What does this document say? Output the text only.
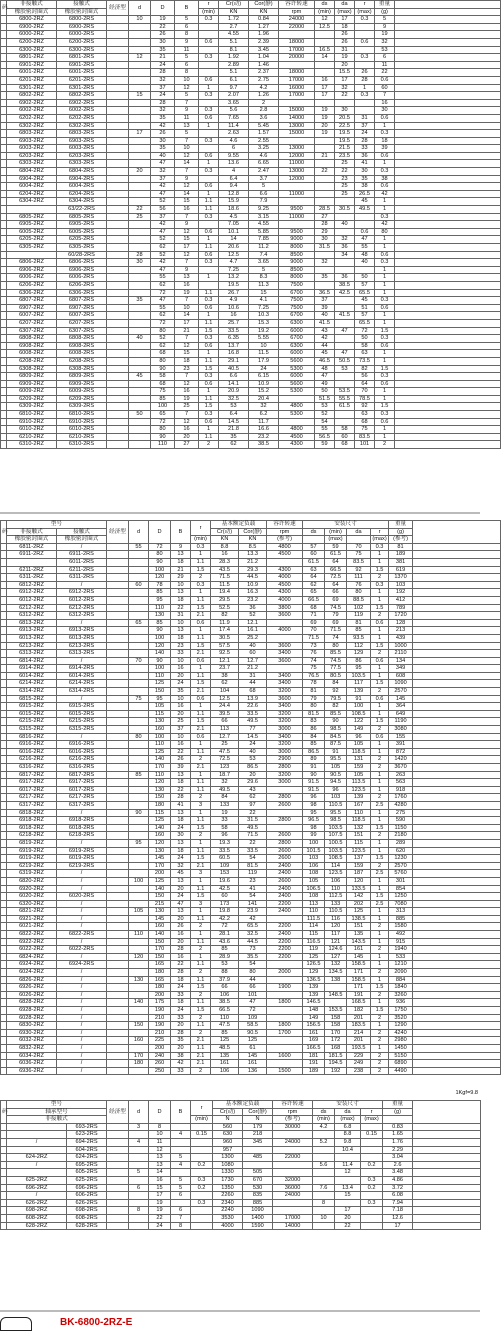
码	非接触式	接触式	经济型	d	D	B	r	Cr(动)	Cor(静)	容许转速	ds	da	r	重量	
	橡胶密封圈式	橡胶密封圈式					(min)	KN	KN	rpm	(min)	(max)	(max)	(g)	
	6800-2RZ	6800-2RS		10	19	5	0.3	1.72	0.84	24000	12	17	0.3	5	
	6900-2RZ	6900-2RS			22	6		2.7	1.27	22000	12.5	18		9	
	6000-2RZ	6000-2RS			26	8		4.55	1.96			26		19	
	6200-2RZ	6200-2RS			30	9	0.6	5.1	2.39	18000		26	0.6	32	
	6300-2RZ	6300-2RS			35	11		8.1	3.45	17000	16.5	31		53	
	6801-2RZ	6801-2RS		12	21	5	0.3	1.92	1.04	20000	14	19	0.3	6	
	6901-2RZ	6901-2RS			24	6		2.89	1.46			20		11	
	6001-2RZ	6001-2RS			28	8		5.1	2.37	18000		15.5	26	22	
	6201-2RZ	6201-2RS			32	10	0.6	6.1	2.75	17000	16	17	28	0.6	
	6301-2RZ	6301-2RS			37	12	1	9.7	4.2	16000	17	32	1	60	
	6802-2RZ	6802-2RS		15	24	5	0.3	2.07	1.26	17000	17	22	0.3	7	
	6902-2RZ	6902-2RS			28	7		3.65	2					16	
	6002-2RZ	6002-2RS			32	9	0.3	5.6	2.8	15000	19	30		30	
	6202-2RZ	6202-2RS			35	11	0.6	7.65	3.6	14000	19	20.5	31	0.6	
	6302-2RZ	6302-2RS			42	13	1	11.4	5.45	13000	20	22.5	37	1	
	6803-2RZ	6803-2RS		17	26	5		2.63	1.57	15000	19	19.5	24	0.3	
	6903-2RZ	6903-2RS			30	7	0.3	4.6	2.55			19.5	28	18	
	6003-2RZ	6003-2RS			35	10		6	3.25	13000		21.5	33	39	
	6203-2RZ	6203-2RS			40	12	0.6	9.55	4.6	12000	21	23.5	36	0.6	
	6303-2RZ	6303-2RS			47	14	1	13.6	6.65	11000		25	41	1	
	6804-2RZ	6804-2RS		20	32	7	0.3	4	2.47	13000	22	22	30	0.3	
	6904-2RZ	6904-2RS			37	9		6.4	3.7	12000		23	35	38	
	6004-2RZ	6004-2RS			42	12	0.6	9.4	5			25	38	0.6	
	6204-2RZ	6204-2RS			47	14	1	12.8	6.6	11000		25	26.5	42	
	6304-2RZ	6304-2RS			52	15	1.1	15.9	7.9				45	1	
		63/22-2RS		22	56	16	1.1	18.6	9.25	9500	28.5	30.5	49.5	1	
	6805-2RZ	6805-2RS		25	37	7	0.3	4.5	3.15	11000	27			0.3	
	6905-2RZ	6905-2RS			42	9		7.05	4.55		28	40		42	
	6005-2RZ	6005-2RS			47	12	0.6	10.1	5.85	9500	29		0.6	80	
	6205-2RZ	6205-2RS			52	15	1	14	7.85	9000	30	32	47	1	
	6305-2RZ	6305-2RS			62	17	1.1	20.6	11.2	8000	31.5	36	55	1	
		60/28-2RS		28	52	12	0.6	12.5	7.4	8500		34	48	0.6	
	6806-2RZ	6806-2RS		30	42	7	0.3	4.7	3.65	9000	32		40	0.3	
	6906-2RZ	6906-2RS			47	9		7.25	5	8500				1	
	6006-2RZ	6006-2RS			55	13	1	13.2	8.3	8000	35	36	50	1	
	6206-2RZ	6206-2RS			62	16		19.5	11.3	7500		38.5	57	1	
	6306-2RZ	6306-2RS			72	19	1.1	26.7	15	6700	36.5	42.5	65.5	1	
	6807-2RZ	6807-2RS		35	47	7	0.3	4.9	4.1	7500	37		45	0.3	
	6907-2RZ	6907-2RS			55	10	0.6	10.6	7.25	7500	39		51	0.6	
	6007-2RZ	6007-2RS			62	14	1	16	10.3	6700	40	41.5	57	1	
	6207-2RZ	6207-2RS			72	17	1.1	25.7	15.3	6300	41.5		65.5	1	
	6307-2RZ	6307-2RS			80	21	1.5	33.5	19.2	6000	43	47	72	1.5	
	6808-2RZ	6808-2RS		40	52	7	0.3	6.35	5.55	6700	42		50	0.3	
	6908-2RZ	6908-2RS			62	12	0.6	13.7	10	6300	44		58	0.6	
	6008-2RZ	6008-2RS			68	15	1	16.8	11.5	6000	45	47	63	1	
	6208-2RZ	6208-2RS			80	18	1.1	29.1	17.9	5600	46.5	50.5	73.5	1	
	6308-2RZ	6308-2RS			90	23	1.5	40.5	24	5300	48	53	82	1.5	
	6809-2RZ	6809-2RS		45	58	7	0.3	6.6	6.15	6000	47		56	0.3	
	6909-2RZ	6909-2RS			68	12	0.6	14.1	10.9	5600	49		64	0.6	
	6009-2RZ	6009-2RS			75	16	1	20.9	15.2	5300	50	53.5	70	1	
	6209-2RZ	6209-2RS			85	19	1.1	32.5	20.4		51.5	55.5	78.5	1	
	6309-2RZ	6309-2RS			100	25	1.5	53	32	4800	53	61.5	92	1.5	
	6810-2RZ	6810-2RS		50	65	7	0.3	6.4	6.2	5300	52		63	0.3	
	6910-2RZ	6910-2RS			72	12	0.6	14.5	11.7		54		68	0.6	
	6010-2RZ	6010-2RS			80	16	1	21.8	16.6	4800	55	58	75	1	
	6210-2RZ	6210-2RS			90	20	1.1	35	23.2	4500	56.5	60	83.5	1	
	6310-2RZ	6310-2RS			110	27	2	62	38.5	4300	59	68	101	2	
码	型号		经济型	d	D	B	r	基本额定负载		容许转速	安装尺寸				重量	
	非接触式	接触式						Cr(动)	Cor(静)	rpm	ds	(min)	da	r	(g)	
	橡胶密封圈式	橡胶密封圈式					(min)	KN	KN	(参考)		(max)		(max)	(参考)	
	6811-2RZ	/		55	72	9	0.3	8.8	8.5	4800	57	59	70	0.3	81	
	6911-2RZ	6911-2RS			80	13	1	16	13.3	4500	60	61.5	75	1	189	
		6011-2RS			90	18	1.1	28.3	21.2		61.5	64	83.5	1	381	
	6211-2RZ	6211-2RS			100	21	1.5	43.5	29.3	4300	63	66.5	92	1.5	619	
	6311-2RZ	6311-2RS			120	29	2	71.5	44.5	4000	64	72.5	111	2	1370	
	6812-2RZ	/		60	78	10	0.3	11.5	10.9	4500	62	64	76	0.3	103	
	6912-2RZ	6912-2RS			85	13	1	19.4	16.3	4300	65	66	80	1	192	
	6012-2RZ	6012-2RS			95	18	1.1	29.5	23.2	4000	66.5	69	88.5	1	412	
	6212-2RZ	6212-2RS			110	22	1.5	52.5	36	3800	68	74.5	102	1.5	789	
	6312-2RZ	6312-2RS			130	31	2.1	82	52	3600	71	79	119	2	1720	
	6813-2RZ	/		65	85	10	0.6	11.9	12.1		69	69	81	0.6	128	
	6913-2RZ	6913-2RS			90	13	1	17.4	16.1	4000	70	71.5	85	1	213	
	6013-2RZ	6013-2RS			100	18	1.1	30.5	25.2		71.5	74	93.5	1	439	
	6213-2RZ	6213-2RS			120	23	1.5	57.5	40	3600	73	80	112	1.5	1000	
	6313-2RZ	6313-2RS			140	33	2.1	92.5	60	3400	76	85.5	129	2	2110	
	6814-2RZ	/		70	90	10	0.6	12.1	12.7	3600	74	74.5	86	0.6	134	
	6914-2RZ	6914-2RS			100	16	1	23.7	21.2		75	77.5	95	1	349	
	6014-2RZ	6014-2RS			110	20	1.1	38	31	3400	76.5	80.5	103.5	1	608	
	6214-2RZ	6214-2RS			125	24	1.5	62	44	3400	78	84	117	1.5	1090	
	6314-2RZ	6314-2RS			150	35	2.1	104	68	3200	81	92	139	2	2570	
	6815-2RZ	/		75	95	10	0.6	12.5	13.9	3600	79	79.5	91	0.6	145	
	6915-2RZ	6915-2RS			105	16	1	24.4	22.6	3400	80	82	100	1	364	
	6015-2RZ	6015-2RS			115	20	1.1	39.5	33.5	3200	81.5	85.5	108.5	1	649	
	6215-2RZ	6215-2RS			130	25	1.5	66	49.5	3200	83	90	122	1.5	1190	
	6315-2RZ	6315-2RS			160	37	2.1	113	77	3000	86	98.5	149	2	3080	
	6816-2RZ	/		80	100	10	0.6	12.7	14.5	3400	84	84.5	96	0.6	155	
	6916-2RZ	6916-2RS			110	16	1	25	24	3200	85	87.5	105	1	391	
	6016-2RZ	6016-2RS			125	22	1.1	47.5	40	3000	86.5	91	118.5	1	872	
	6216-2RZ	6216-2RS			140	26	2	72.5	53	2900	89	95.5	131	2	1420	
	6316-2RZ	6316-2RS			170	39	2.1	123	86.5	2800	91	105	159	2	3670	
	6817-2RZ	6817-2RS		85	110	13	1	18.7	20	3200	90	90.5	105	1	263	
	6917-2RZ	6917-2RS			120	18	1.1	32	29.6	3000	91.5	94.5	113.5	1	563	
	6017-2RZ	6017-2RS			130	22	1.1	49.5	43		91.5	96	123.5	1	918	
	6217-2RZ	6217-2RS			150	28	2	84	62	2800	96	103	139	2	1760	
	6317-2RZ	6317-2RS			180	41	3	133	97	2600	98	110.5	167	2.5	4280	
	6818-2RZ	/		90	115	13	1	19	22		95	95.5	110	1	275	
	6918-2RZ	6918-2RS			125	18	1.1	33	31.5	2800	96.5	98.5	118.5	1	590	
	6018-2RZ	6018-2RS			140	24	1.5	58	49.5		98	103.5	132	1.5	1150	
	6218-2RZ	6218-2RS			160	30	2	96	71.5	2600	99	107.5	151	2	2180	
	6819-2RZ	/		95	120	13	1	19.3	22	2800	100	100.5	115	1	289	
	6919-2RZ	6919-2RS			130	18	1.1	33.5	33.5	2600	101.5	103.5	123.5	1	620	
	6019-2RZ	6019-2RS			145	24	1.5	60.5	54	2600	103	108.5	137	1.5	1230	
	6219-2RZ	6219-2RS			170	32	2.1	109	81.5	2400	106	114	159	2	2570	
	6319-2RZ	/			200	45	3	153	119	2400	108	123.5	187	2.5	5760	
	6820-2RZ	/		100	125	13	1	19.6	23	2600	105	106	120	1	301	
	6920-2RZ	/			140	20	1.1	42.5	41	2400	106.5	110	133.5	1	854	
	6020-2RZ	6020-2RS			150	24	1.5	60	54	2400	108	112.5	142	1.5	1250	
	6320-2RZ	/			215	47	3	173	141	2200	113	133	202	2.5	7080	
	6821-2RZ	/		105	130	13	1	19.8	23.9	2400	110	110.5	125	1	313	
	6921-2RZ	/			145	20	1.1	42.2	42		111.5	116	138.5	1	885	
	6021-2RZ	/			160	26	2	72	65.5	2200	114	120	151	2	1580	
	6822-2RZ	6822-2RS		110	140	16	1	28.1	32.5	2400	115	117	135	1	492	
	6922-2RZ	/			150	20	1.1	43.6	44.5	2200	116.5	121	143.5	1	915	
	6022-2RZ	6022-2RS			170	28	2	85	73	2200	119	124.6	161	2	1940	
	6824-2RZ	/		120	150	16	1	28.9	35.5	2200	125	127	145	1	533	
	6924-2RZ	6924-2RS			165	22	1.1	53	54		126.5	132	158.5	1	1210	
	6024-2RZ	/			180	28	2	88	80	2000	129	134.5	171	2	2090	
	6826-2RZ	/		130	165	18	1.1	37.9	44		136.5	138	158.5	1	884	
	6926-2RZ	/			180	24	1.5	66	66	1900	139		171	1.5	1840	
	6026-2RZ	/			200	33	2	106	101		139	148.5	191	2	3260	
	6828-2RZ	/		140	175	18	1.1	38.5	47	1800	146.5		168.5	1	936	
	6928-2RZ	/			190	24	1.5	66.5	72		148	153.5	182	1.5	1750	
	6028-2RZ	/			210	33	2	110	109		149	158	201	2	3520	
	6830-2RZ	/		150	190	20	1.1	47.5	58.5	1800	156.5	158	183.5	1	1290	
	6930-2RZ	/			210	28	2	85	90.5	1700	161	170	214	2	4240	
	6032-2RZ	/		160	225	35	2.1	125	125		169	172	201	2	2980	
	6832-2RZ	/			200	20	1.1	48.5	61		166.5	168	193.5	1	1450	
	6034-2RZ	/		170	240	38	2.1	135	145	1600	181	181.5	229	2	5150	
	6036-2RZ	/		180	260	42	2.1	161	161		191	194.5	249	2	6890	
	6936-2RZ	/			250	33	2	106	136	1500	189	192	238	2	4490	
1Kgf=9.8
码	型号		经济型	d	D	B	r	基本额定负载		容许转速	安装尺寸			重量	
	轴承型号							Cr(动)	Cor(静)	rpm	ds	da	r	(g)	
	非接触式						(min)	N	N	(参考)	(min)	(max)	(max)		
		693-2RS		3	8			560	179	30000	4.2	6.8		0.83	
		623-2RS			10	4	0.15	630	218			8.8	0.15	1.65	
	/	694-2RS		4	11			960	345	24000	5.2	9.8		1.76	
		604-2RS			12			957				10.4		2.29	
	624-2RZ	624-2RS			13	5		1300	485	22000				3.04	
	/	695-2RS			13	4	0.2	1080			5.6	11.4	0.2	2.6	
		605-2RS		5	14			1330	505			12		3.48	
	625-2RZ	625-2RS			16	5	0.3	1730	670	32000			0.3	4.86	
	696-2RZ	696-2RS		6	15	5	0.2	1350	530	36000	7.6	13.4	0.2	3.72	
	/	606-2RS			17	6		2260	835	24000		15		6.08	
	626-2RZ	626-2RS			19		0.3	2340	885		8		0.3	7.94	
	698-2RZ	698-2RS		8	19	6		2240	1090			17		7.18	
	608-2RZ	608-2RS			22	7		3530	1400	17000	10	20		12.6	
	628-2RZ	628-2RS			24	8		4000	1590	14000		22		17	
BK-6800-2RZ-E
